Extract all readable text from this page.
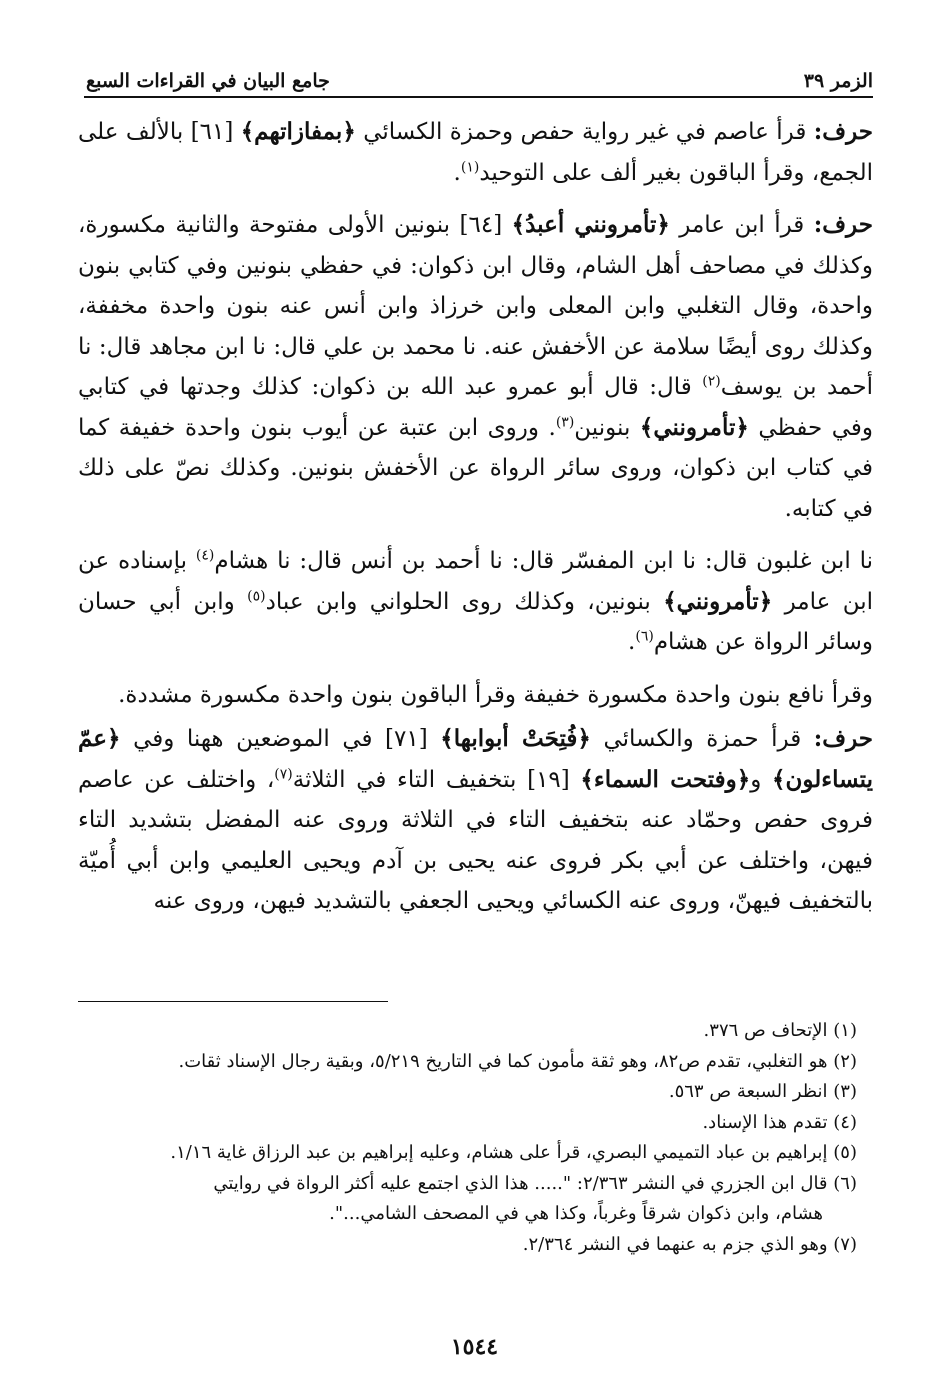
الزمر ٣٩
جامع البيان في القراءات السبع

حرف: قرأ عاصم في غير رواية حفص وحمزة الكسائي ﴿بمفازاتهم﴾ [٦١] بالألف على الجمع، وقرأ الباقون بغير ألف على التوحيد$^{(١)}$.

حرف: قرأ ابن عامر ﴿تأمرونني أعبدُ﴾ [٦٤] بنونين الأولى مفتوحة والثانية مكسورة، وكذلك في مصاحف أهل الشام، وقال ابن ذكوان: في حفظي بنونين وفي كتابي بنون واحدة، وقال التغلبي وابن المعلى وابن خرزاذ وابن أنس عنه بنون واحدة مخففة، وكذلك روى أيضًا سلامة عن الأخفش عنه. نا محمد بن علي قال: نا ابن مجاهد قال: نا أحمد بن يوسف$^{(٢)}$ قال: قال أبو عمرو عبد الله بن ذكوان: كذلك وجدتها في كتابي وفي حفظي ﴿تأمرونني﴾ بنونين$^{(٣)}$. وروى ابن عتبة عن أيوب بنون واحدة خفيفة كما في كتاب ابن ذكوان، وروى سائر الرواة عن الأخفش بنونين. وكذلك نصّ على ذلك في كتابه.

نا ابن غلبون قال: نا ابن المفسّر قال: نا أحمد بن أنس قال: نا هشام$^{(٤)}$ بإسناده عن ابن عامر ﴿تأمرونني﴾ بنونين، وكذلك روى الحلواني وابن عباد$^{(٥)}$ وابن أبي حسان وسائر الرواة عن هشام$^{(٦)}$.

وقرأ نافع بنون واحدة مكسورة خفيفة وقرأ الباقون بنون واحدة مكسورة مشددة.

حرف: قرأ حمزة والكسائي ﴿فُتِحَتْ أبوابها﴾ [٧١] في الموضعين ههنا وفي ﴿عمّ يتساءلون﴾ و﴿وفتحت السماء﴾ [١٩] بتخفيف التاء في الثلاثة$^{(٧)}$، واختلف عن عاصم فروى حفص وحمّاد عنه بتخفيف التاء في الثلاثة وروى عنه المفضل بتشديد التاء فيهن، واختلف عن أبي بكر فروى عنه يحيى بن آدم ويحيى العليمي وابن أبي أُميّة بالتخفيف فيهنّ، وروى عنه الكسائي ويحيى الجعفي بالتشديد فيهن، وروى عنه

(١) الإتحاف ص ٣٧٦.

(٢) هو التغلبي، تقدم ص٨٢، وهو ثقة مأمون كما في التاريخ ٥/٢١٩، وبقية رجال الإسناد ثقات.

(٣) انظر السبعة ص ٥٦٣.

(٤) تقدم هذا الإسناد.

(٥) إبراهيم بن عباد التميمي البصري، قرأ على هشام، وعليه إبراهيم بن عبد الرزاق غاية ١/١٦.

(٦) قال ابن الجزري في النشر ٢/٣٦٣: "..... هذا الذي اجتمع عليه أكثر الرواة في روايتي

هشام، وابن ذكوان شرقاً وغرباً، وكذا هي في المصحف الشامي...".

(٧) وهو الذي جزم به عنهما في النشر ٢/٣٦٤.

١٥٤٤
